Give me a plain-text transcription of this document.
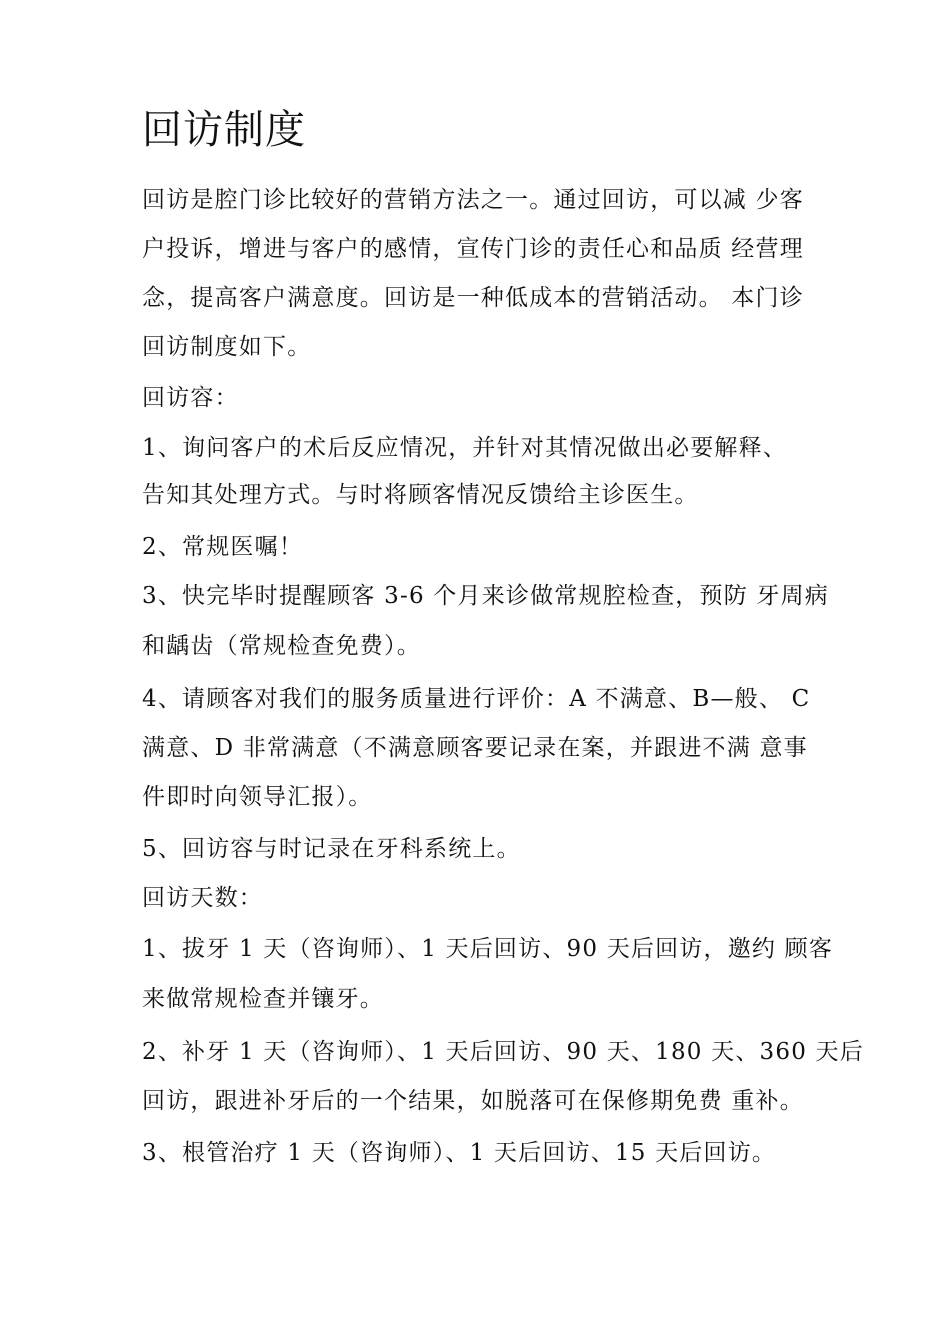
回访制度
回访是腔门诊比较好的营销方法之一。通过回访，可以减 少客
户投诉，增进与客户的感情，宣传门诊的责任心和品质 经营理
念，提高客户满意度。回访是一种低成本的营销活动。 本门诊
回访制度如下。
回访容：
1、询问客户的术后反应情况，并针对其情况做出必要解释、
告知其处理方式。与时将顾客情况反馈给主诊医生。
2、常规医嘱！
3、快完毕时提醒顾客 3-6 个月来诊做常规腔检查，预防 牙周病
和龋齿（常规检查免费）。
4、请顾客对我们的服务质量进行评价：A 不满意、B—般、 C
满意、D 非常满意（不满意顾客要记录在案，并跟进不满 意事
件即时向领导汇报）。
5、回访容与时记录在牙科系统上。
回访天数：
1、拔牙 1 天（咨询师）、1 天后回访、90 天后回访，邀约 顾客
来做常规检查并镶牙。
2、补牙 1 天（咨询师）、1 天后回访、90 天、180 天、360 天后
回访，跟进补牙后的一个结果，如脱落可在保修期免费 重补。
3、根管治疗 1 天（咨询师）、1 天后回访、15 天后回访。
